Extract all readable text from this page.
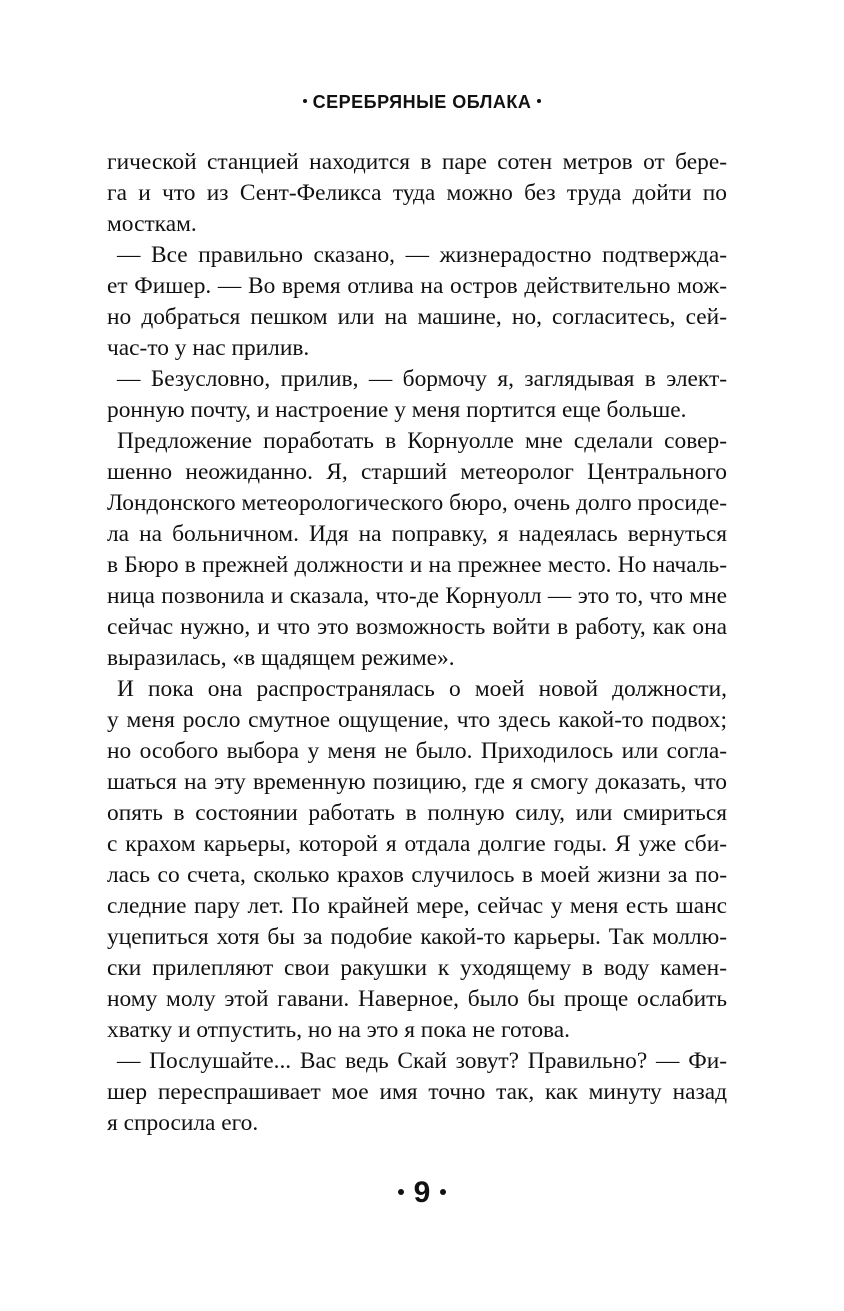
СЕРЕБРЯНЫЕ ОБЛАКА
гической станцией находится в паре сотен метров от бере-
га и что из Сент-Феликса туда можно без труда дойти по
мосткам.
— Все правильно сказано, — жизнерадостно подтвержда-
ет Фишер. — Во время отлива на остров действительно мож-
но добраться пешком или на машине, но, согласитесь, сей-
час-то у нас прилив.
— Безусловно, прилив, — бормочу я, заглядывая в элект-
ронную почту, и настроение у меня портится еще больше.
Предложение поработать в Корнуолле мне сделали совер-
шенно неожиданно. Я, старший метеоролог Центрального
Лондонского метеорологического бюро, очень долго просиде-
ла на больничном. Идя на поправку, я надеялась вернуться
в Бюро в прежней должности и на прежнее место. Но началь-
ница позвонила и сказала, что-де Корнуолл — это то, что мне
сейчас нужно, и что это возможность войти в работу, как она
выразилась, «в щадящем режиме».
И пока она распространялась о моей новой должности,
у меня росло смутное ощущение, что здесь какой-то подвох;
но особого выбора у меня не было. Приходилось или согла-
шаться на эту временную позицию, где я смогу доказать, что
опять в состоянии работать в полную силу, или смириться
с крахом карьеры, которой я отдала долгие годы. Я уже сби-
лась со счета, сколько крахов случилось в моей жизни за по-
следние пару лет. По крайней мере, сейчас у меня есть шанс
уцепиться хотя бы за подобие какой-то карьеры. Так моллю-
ски прилепляют свои ракушки к уходящему в воду камен-
ному молу этой гавани. Наверное, было бы проще ослабить
хватку и отпустить, но на это я пока не готова.
— Послушайте... Вас ведь Скай зовут? Правильно? — Фи-
шер переспрашивает мое имя точно так, как минуту назад
я спросила его.
9
